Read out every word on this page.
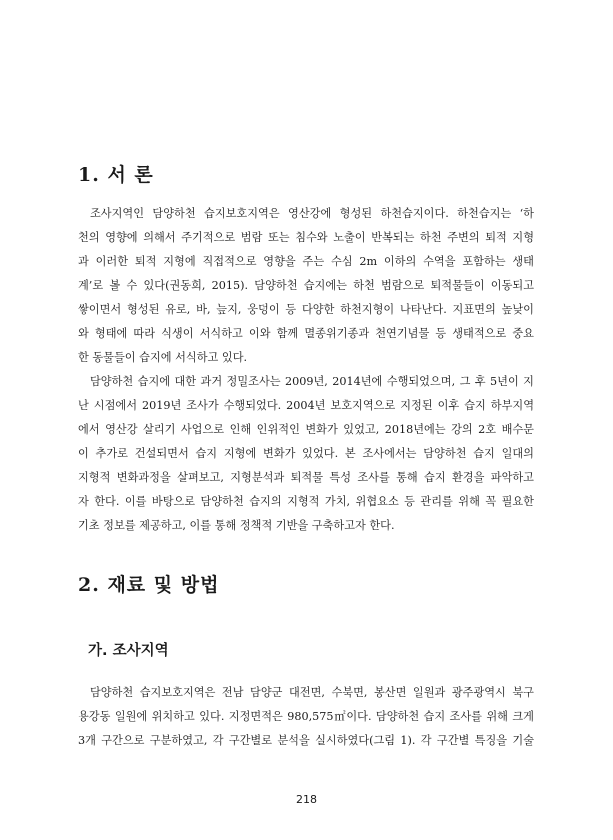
1. 서 론
조사지역인 담양하천 습지보호지역은 영산강에 형성된 하천습지이다. 하천습지는 ‘하
천의 영향에 의해서 주기적으로 범람 또는 침수와 노출이 반복되는 하천 주변의 퇴적 지형
과 이러한 퇴적 지형에 직접적으로 영향을 주는 수심 2m 이하의 수역을 포함하는 생태
계’로 볼 수 있다(권동희, 2015). 담양하천 습지에는 하천 범람으로 퇴적물들이 이동되고
쌓이면서 형성된 유로, 바, 늪지, 웅덩이 등 다양한 하천지형이 나타난다. 지표면의 높낮이
와 형태에 따라 식생이 서식하고 이와 함께 멸종위기종과 천연기념물 등 생태적으로 중요
한 동물들이 습지에 서식하고 있다.
담양하천 습지에 대한 과거 정밀조사는 2009년, 2014년에 수행되었으며, 그 후 5년이 지
난 시점에서 2019년 조사가 수행되었다. 2004년 보호지역으로 지정된 이후 습지 하부지역
에서 영산강 살리기 사업으로 인해 인위적인 변화가 있었고, 2018년에는 강의 2호 배수문
이 추가로 건설되면서 습지 지형에 변화가 있었다. 본 조사에서는 담양하천 습지 일대의
지형적 변화과정을 살펴보고, 지형분석과 퇴적물 특성 조사를 통해 습지 환경을 파악하고
자 한다. 이를 바탕으로 담양하천 습지의 지형적 가치, 위협요소 등 관리를 위해 꼭 필요한
기초 정보를 제공하고, 이를 통해 정책적 기반을 구축하고자 한다.
2. 재료 및 방법
가. 조사지역
담양하천 습지보호지역은 전남 담양군 대전면, 수북면, 봉산면 일원과 광주광역시 북구
용강동 일원에 위치하고 있다. 지정면적은 980,575㎡이다. 담양하천 습지 조사를 위해 크게
3개 구간으로 구분하였고, 각 구간별로 분석을 실시하였다(그림 1). 각 구간별 특징을 기술
218
